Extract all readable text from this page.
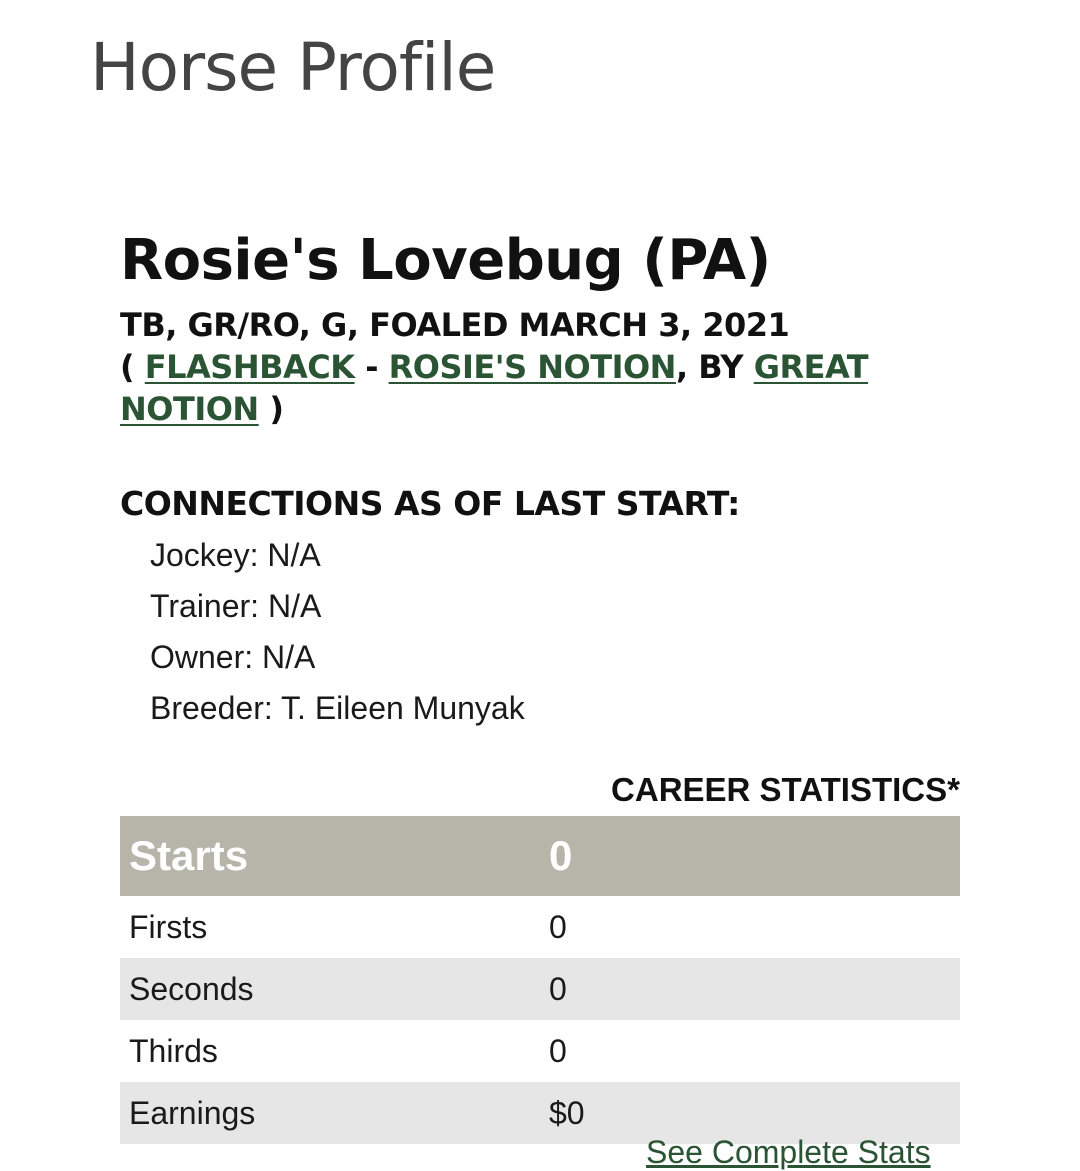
Horse Profile
Rosie's Lovebug (PA)
TB, GR/RO, G, FOALED MARCH 3, 2021
( FLASHBACK - ROSIE'S NOTION, BY GREAT NOTION )
CONNECTIONS AS OF LAST START:
Jockey: N/A
Trainer: N/A
Owner: N/A
Breeder: T. Eileen Munyak
CAREER STATISTICS*
Starts	0
Firsts	0
Seconds	0
Thirds	0
Earnings	$0
See Complete Stats
